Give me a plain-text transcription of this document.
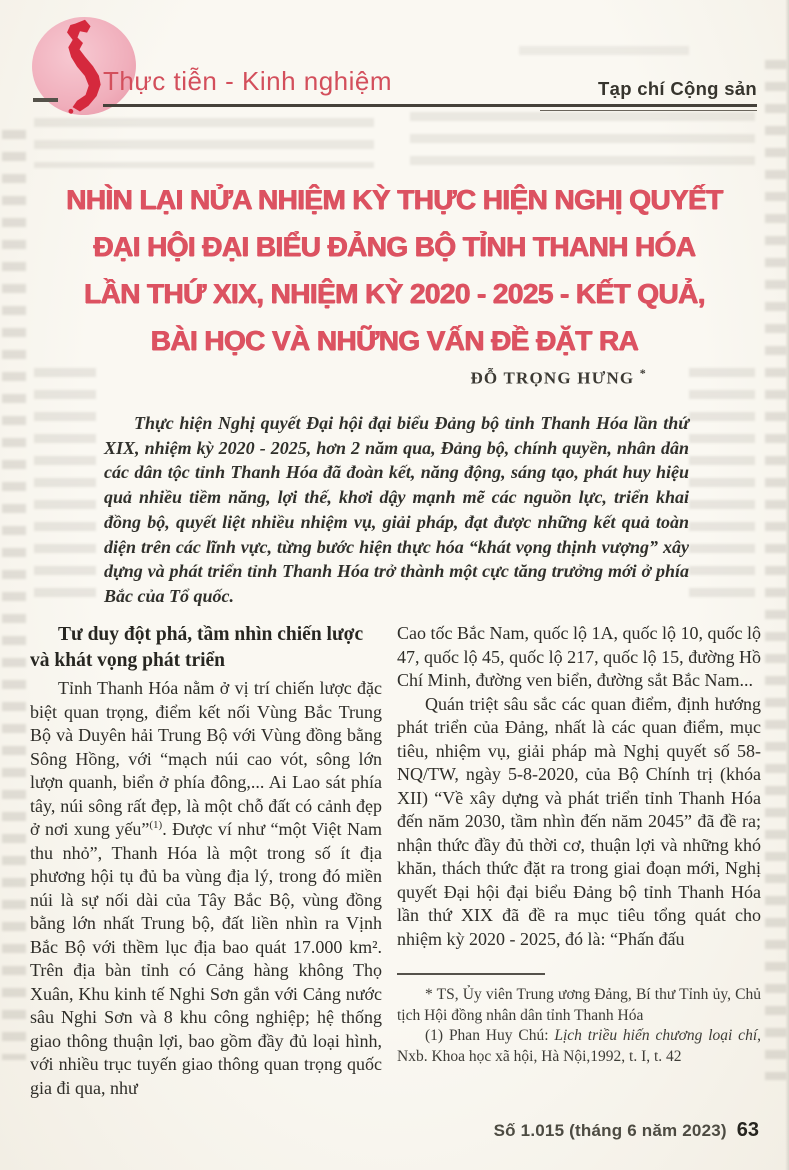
Thực tiễn - Kinh nghiệm	Tạp chí Cộng sản
NHÌN LẠI NỬA NHIỆM KỲ THỰC HIỆN NGHỊ QUYẾT
ĐẠI HỘI ĐẠI BIỂU ĐẢNG BỘ TỈNH THANH HÓA
LẦN THỨ XIX, NHIỆM KỲ 2020 - 2025 - KẾT QUẢ,
BÀI HỌC VÀ NHỮNG VẤN ĐỀ ĐẶT RA
ĐỖ TRỌNG HƯNG *
Thực hiện Nghị quyết Đại hội đại biểu Đảng bộ tỉnh Thanh Hóa lần thứ XIX, nhiệm kỳ 2020 - 2025, hơn 2 năm qua, Đảng bộ, chính quyền, nhân dân các dân tộc tỉnh Thanh Hóa đã đoàn kết, năng động, sáng tạo, phát huy hiệu quả nhiều tiềm năng, lợi thế, khơi dậy mạnh mẽ các nguồn lực, triển khai đồng bộ, quyết liệt nhiều nhiệm vụ, giải pháp, đạt được những kết quả toàn diện trên các lĩnh vực, từng bước hiện thực hóa “khát vọng thịnh vượng” xây dựng và phát triển tỉnh Thanh Hóa trở thành một cực tăng trưởng mới ở phía Bắc của Tổ quốc.
Tư duy đột phá, tầm nhìn chiến lược và khát vọng phát triển

Tỉnh Thanh Hóa nằm ở vị trí chiến lược đặc biệt quan trọng, điểm kết nối Vùng Bắc Trung Bộ và Duyên hải Trung Bộ với Vùng đồng bằng Sông Hồng, với “mạch núi cao vót, sông lớn lượn quanh, biển ở phía đông,... Ai Lao sát phía tây, núi sông rất đẹp, là một chỗ đất có cảnh đẹp ở nơi xung yếu”$^{(1)}$. Được ví như “một Việt Nam thu nhỏ”, Thanh Hóa là một trong số ít địa phương hội tụ đủ ba vùng địa lý, trong đó miền núi là sự nối dài của Tây Bắc Bộ, vùng đồng bằng lớn nhất Trung bộ, đất liền nhìn ra Vịnh Bắc Bộ với thềm lục địa bao quát 17.000 km². Trên địa bàn tỉnh có Cảng hàng không Thọ Xuân, Khu kinh tế Nghi Sơn gắn với Cảng nước sâu Nghi Sơn và 8 khu công nghiệp; hệ thống giao thông thuận lợi, bao gồm đầy đủ loại hình, với nhiều trục tuyến giao thông quan trọng quốc gia đi qua, như

Cao tốc Bắc Nam, quốc lộ 1A, quốc lộ 10, quốc lộ 47, quốc lộ 45, quốc lộ 217, quốc lộ 15, đường Hồ Chí Minh, đường ven biển, đường sắt Bắc Nam...

Quán triệt sâu sắc các quan điểm, định hướng phát triển của Đảng, nhất là các quan điểm, mục tiêu, nhiệm vụ, giải pháp mà Nghị quyết số 58-NQ/TW, ngày 5-8-2020, của Bộ Chính trị (khóa XII) “Về xây dựng và phát triển tỉnh Thanh Hóa đến năm 2030, tầm nhìn đến năm 2045” đã đề ra; nhận thức đầy đủ thời cơ, thuận lợi và những khó khăn, thách thức đặt ra trong giai đoạn mới, Nghị quyết Đại hội đại biểu Đảng bộ tỉnh Thanh Hóa lần thứ XIX đã đề ra mục tiêu tổng quát cho nhiệm kỳ 2020 - 2025, đó là: “Phấn đấu

* TS, Ủy viên Trung ương Đảng, Bí thư Tỉnh ủy, Chủ tịch Hội đồng nhân dân tỉnh Thanh Hóa

(1) Phan Huy Chú: Lịch triều hiến chương loại chí, Nxb. Khoa học xã hội, Hà Nội,1992, t. I, t. 42

Số 1.015 (tháng 6 năm 2023) 63
